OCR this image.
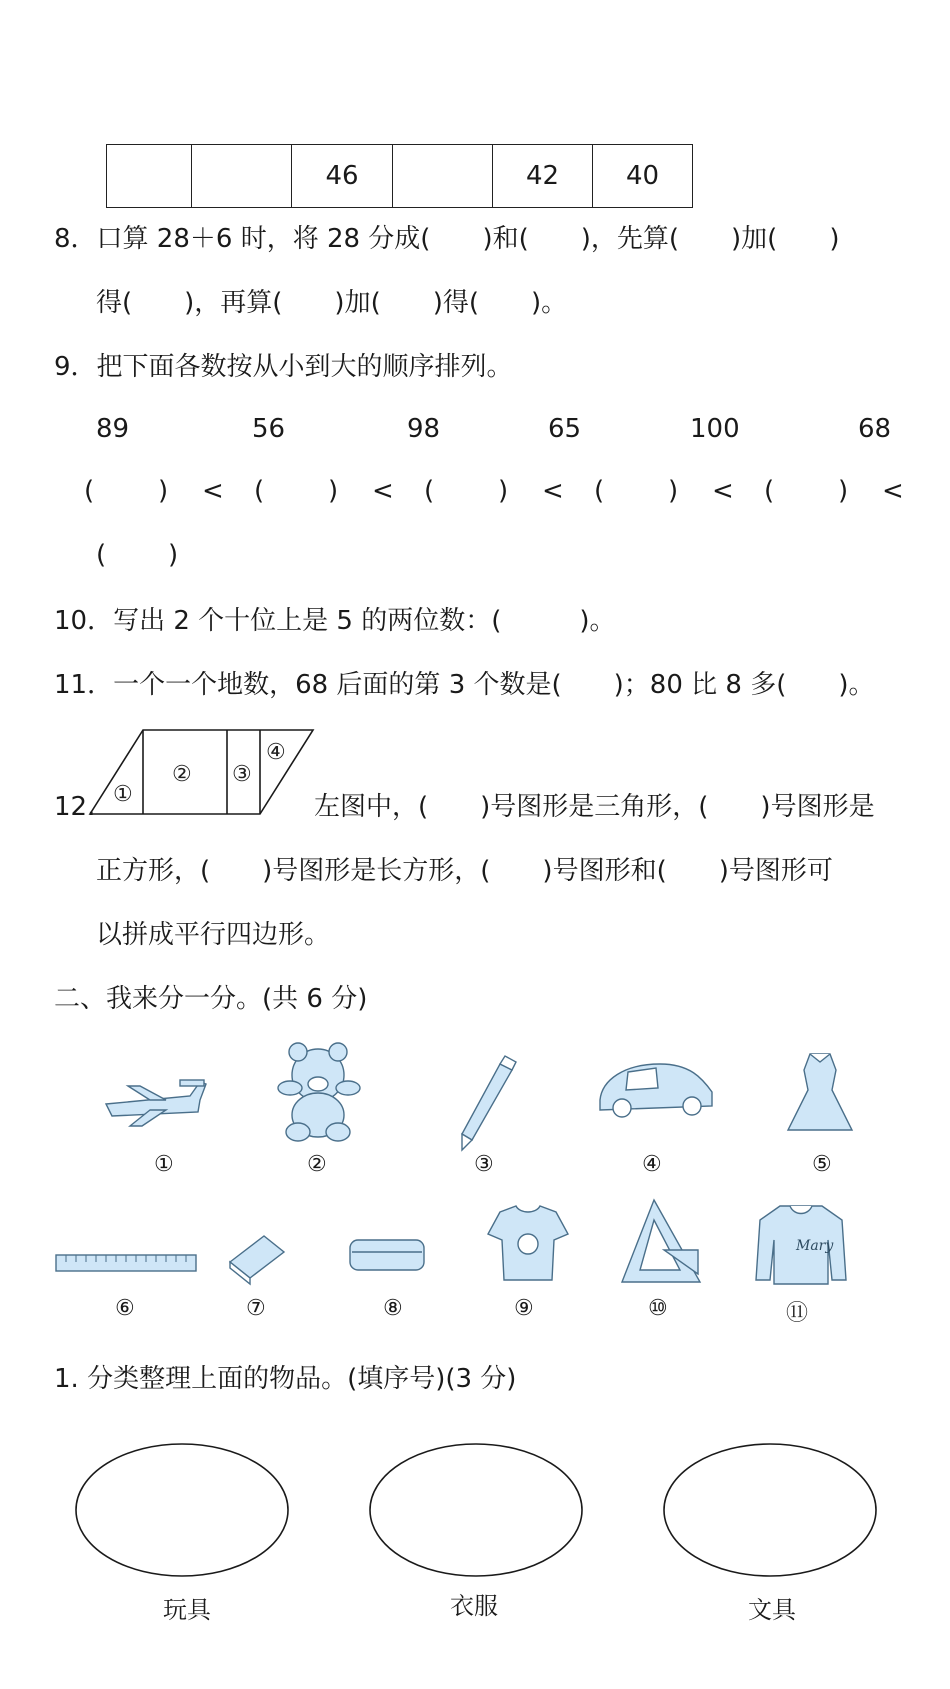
		46		42	40
8．口算 28＋6 时，将 28 分成(　　)和(　　)，先算(　　)加(　　)
得(　　)，再算(　　)加(　　)得(　　)。
9．把下面各数按从小到大的顺序排列。
89	56	98	65	100	68
( ) < ( ) < ( ) < ( ) < ( ) <
( )
10．写出 2 个十位上是 5 的两位数：(　　　)。
11．一个一个地数，68 后面的第 3 个数是(　　)；80 比 8 多(　　)。
12. ①
② ③
④
左图中，(　　)号图形是三角形，(　　)号图形是
正方形，(　　)号图形是长方形，(　　)号图形和(　　)号图形可
以拼成平行四边形。
二、我来分一分。(共 6 分)
Mary
①	②	③	④	⑤
⑥	⑦	⑧	⑨	⑩	⑪
1. 分类整理上面的物品。(填序号)(3 分)
玩具	衣服	文具
